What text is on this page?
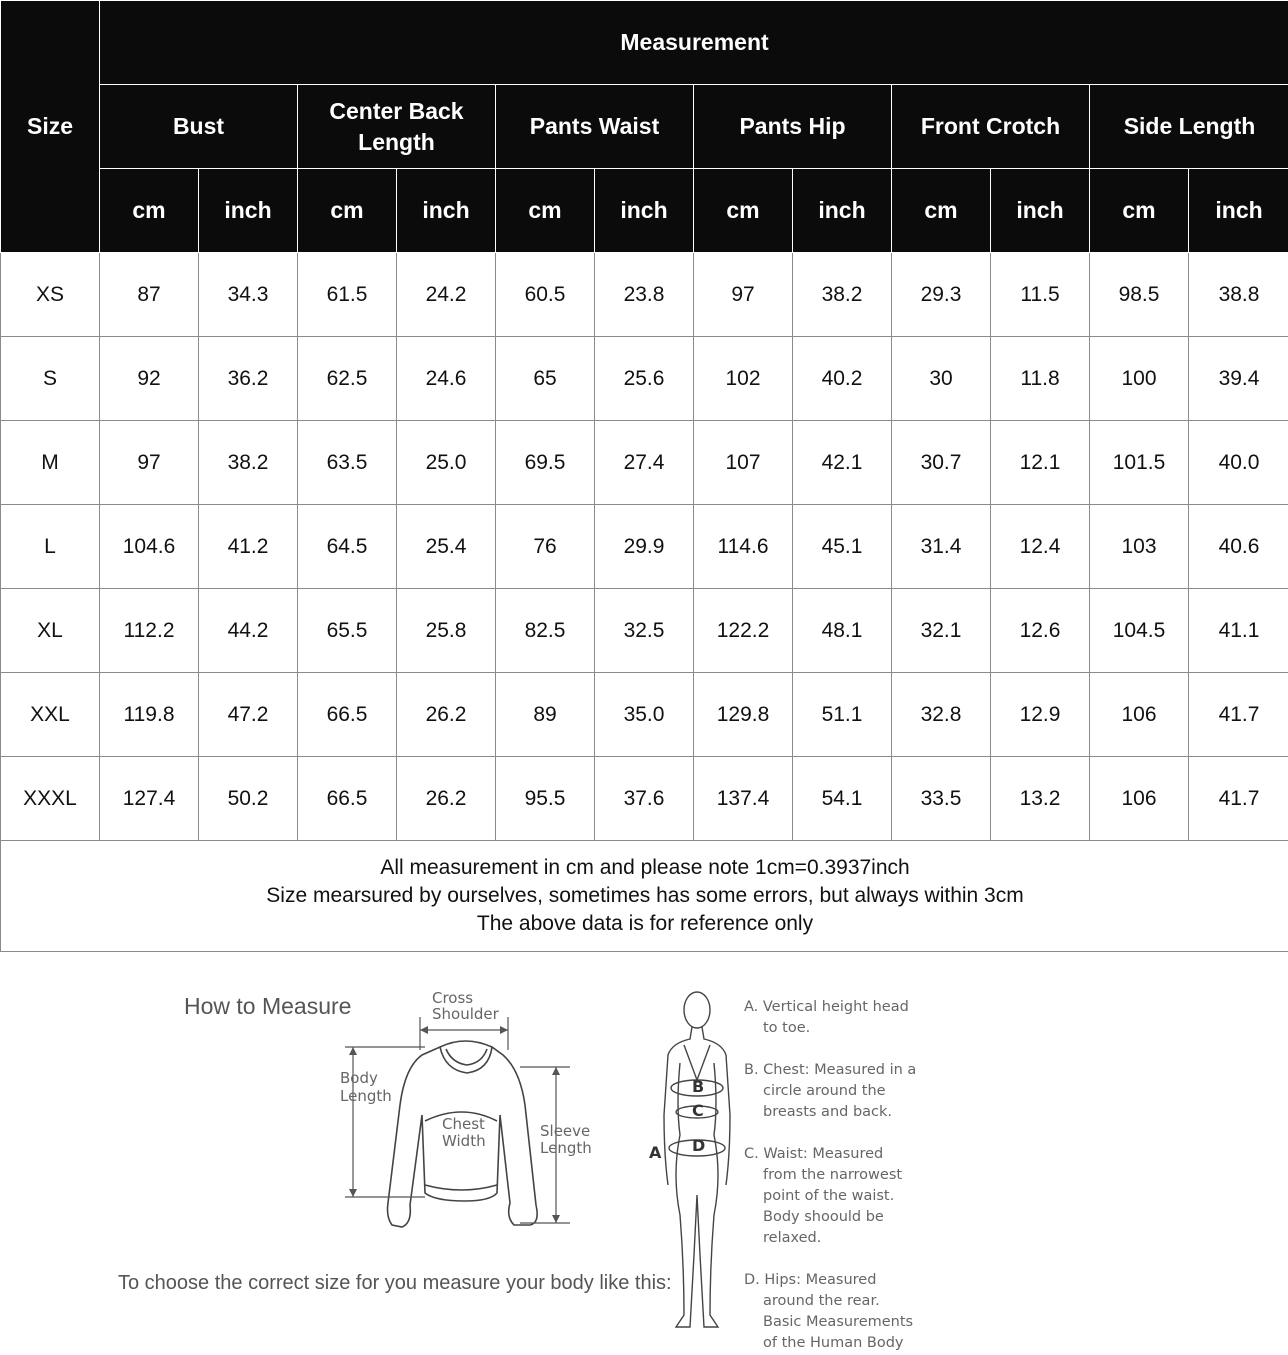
Size	Measurement											
	Bust		Center Back Length		Pants Waist		Pants Hip		Front Crotch		Side Length	
	cm	inch	cm	inch	cm	inch	cm	inch	cm	inch	cm	inch
XS	87	34.3	61.5	24.2	60.5	23.8	97	38.2	29.3	11.5	98.5	38.8
S	92	36.2	62.5	24.6	65	25.6	102	40.2	30	11.8	100	39.4
M	97	38.2	63.5	25.0	69.5	27.4	107	42.1	30.7	12.1	101.5	40.0
L	104.6	41.2	64.5	25.4	76	29.9	114.6	45.1	31.4	12.4	103	40.6
XL	112.2	44.2	65.5	25.8	82.5	32.5	122.2	48.1	32.1	12.6	104.5	41.1
XXL	119.8	47.2	66.5	26.2	89	35.0	129.8	51.1	32.8	12.9	106	41.7
XXXL	127.4	50.2	66.5	26.2	95.5	37.6	137.4	54.1	33.5	13.2	106	41.7

All measurement in cm and please note 1cm=0.3937inch
Size mearsured by ourselves, sometimes has some errors, but always within 3cm
The above data is for reference only												
How to Measure
To choose the correct size for you measure your body like this:
Cross
Shoulder
Body
Length
Chest
Width
Sleeve
Length	A
B
C
D
A. Vertical height head
to toe.
B. Chest: Measured in a
circle around the
breasts and back.
C. Waist: Measured
from the narrowest
point of the waist.
Body shoould be
relaxed.
D. Hips: Measured
around the rear.
Basic Measurements
of the Human Body
